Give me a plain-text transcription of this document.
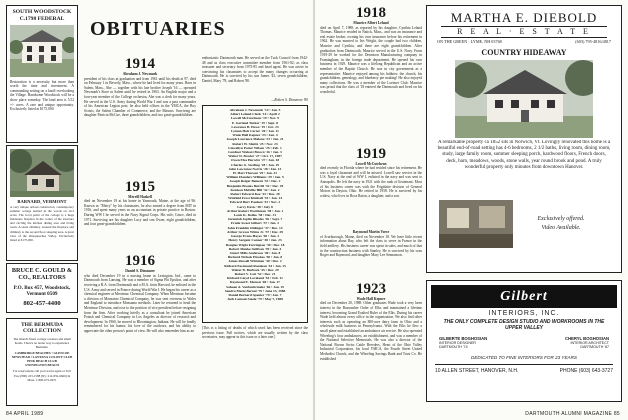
SOUTH WOODSTOCK C.1798 FEDERAL
Restoration is a necessity but more than worth the time and investment. A commanding setting on a knoll overlooking the Village. Handsome Woodstock will be a show place someday. The land area is 5.52 +/- acres. A rare and unique opportunity. Exclusively listed at $175,000.
BARNARD, VERMONT
A very unique artisan constructed, contemporary summer cottage nestled in the woods on 10.3 acres. The focal point of the cottage is a huge fieldstone fireplace in the corner of the structure and circling the kitchen dining area and living room. A stone chimney. Around the fireplace and chimney to the second floor sleeping area. A great view of the Ottaqueechee Valley. Exclusively listed at $175,000.
BRUCE C. GOULD & CO., REALTORS
P.O. Box 457, Woodstock, Vermont 0509
802-457-4400
THE BERMUDA COLLECTION
The island's finest cottage colonies and small hotels. There's no better way to experience Bermuda.
CAMBRIDGE BEACHES • GLENCOE
NEWSTEAD • LANTANA COLONY CLUB
PINK BEACH CLUB
STONINGTON BEACH
For reservations call your travel agent or Toll Free (800) 223-1588 (Ny: 212-832-6660) In Mass. 1-800-672-0971
OBITUARIES
1914
Abraham J. Newmark
president of his class at graduation and from 1961 until his death at 97, died on February 1 in Beverly, Mass., where he had lived for many years. Born in Salem, Mass., Abe — together with his late brother Joseph '16 — operated Newmark's Store in Salem until he retired in 1963. An English major and a four-year member of the College orchestra, Abe was a clerk for many years. He served in the U.S. Army during World War I and was a past commander of his American Legion post; he also held offices in the YMCA, the Boy Scouts, the Salem Chamber of Commerce, and the Masons. Surviving are daughter Patricia McCue, three grandchildren, and two great-grandchildren.
1915
Merrill Haskell
died on November 19 at his home in Yarmouth, Maine, at the age of 96. Known as "Merry" by his classmates, he also earned a degree from MIT in 1916, and spent many years as an accountant in private practice in Boston. During WW I he served in the Navy Signal Corps. His wife, Grace, died in 1971. Surviving are his daughter Lucy and son Owen, eight grandchildren, and four great-grandchildren.
1916
Daniel S. Dinsmore
who died December 19 in a nursing home in Lexington, Ind., came to Dartmouth from Lansing. He was a member of Sigma Phi Epsilon, and after receiving a B.A. from Dartmouth and a M.A. from Harvard, he enlisted in the U.S. Army and served in France during World War I. He began his career as a chemical engineer at Merrimac Chemical Company. When Merrimac became a division of Monsanto Chemical Company, he was sent overseas to Wales and England to introduce Monsanto methods. Later he returned to head the Merrimac Division, and rose to the position of vice president before resigning from the firm. After working briefly as a consultant he joined American Potash and Chemical Company in Los Angeles as director of research and development. In 1960, he moved to Bloomington, Indiana. He will be fondly remembered for his humor, his love of the outdoors, and his ability to appreciate the other person's point of view. He will also remember him as an
enthusiastic Dartmouth man. He served on the Tuck Council from 1942-48 and as class executive committee member from 1961-82; as class treasurer and secretary from 1975-85 and head agent. He was active in convincing his classmates to accept the many changes occurring at Dartmouth. He is survived by his son James '43, seven grandchildren, Daniel, Mary '78, and Robert '80.
—Robert S. Dinsmore '80
Abraham J. Newmark '14 • Jan. 5
Albert Leland Clark '14 • April 2
Lowell McCutcheon '19 • Nov. 9
F. Garland Tucker '19 • Sept. 8
Lawrence B. Howe '19 • Oct. 23
Lyman Holt Carter '20 • Jan. 11
Wade Hall Kepner '23 • Jan. 4
Joseph Lawrence Malone '23 • Jan. 21
Robert W. Shultz '25 • Nov. 23
Llewellyn Potter Wilson '25 • Feb. 1
Gardner Walcott Brown '26 • Jan. 3
Walter D. Bowler '27 • Oct. 17, 1987
Owen Elsa Horwitz '27 • Jan. 18
Charles G. Sterling '28 • Jan. 19
John Lawrence Norris '28 • Jan. 13
H. Hart Thorsen '29 • Jan. 31
William Flanders Williams '29 • Jan. 5
Joseph Reiger Bement '32 • Dec. 2
Benjamin Brooks Burrill '32 • Dec. 29
Kenison Melville Hill '32 • Jan. 2
Robert Edward Kee '33 • Dec. 20
Winfield Frost Kimball '33 • Jan. 14
Edward Burr Paulsen '33 • Nov. 2
Larry Davis '38 • July 8
Arthur Robert Worthman '38 • Jan. 1
Louis K. Dollas '38 • Dec. 31
Jeremiah Joplin Rhodes '36 • Sept. 7
Frank Sweet Gilbert '37 • Jan. 2
John Franklin Oldinger '37 • Dec. 14
Arthur Groves White Jr. '37 • Dec. 29
George Evans Hayes '40 • Jan. 2
Henry Sargent Conner '38 • Jan. 23
Douglas Wight Farrington '39 • Dec. 18
Robert Monke Sullivan '39 • Jan. 4
Stuart Mills Anderson '40 • Jan. 8
Richard Nichols Hawkes '40 • Jan. 8
James Russell Whitman '40 • Dec. 2
Richard Eastmond Rondeau '44 • Jan. 15
Walter B. Burbeck '45 • Dec. 29
Robert V. Coit '52 • Dec. 21
Richard Lloyd Loveland '54 • Feb. 11
Raymond E. Matson '60 • Jan. 17
Sahoan A. Vanbuchrmekz '66 • Jan. 19
Sandra Marie Bernal '79 • June 13, 1988
Daniel Bernard Spanier '79 • Jan. 7
Jack Lamont Steele '79 • May 7, 1988
[This is a listing of deaths of which word has been received since the previous issue. Full notices, which are usually written by the class secretaries, may appear in this issue or a later one.]
84 APRIL 1989
1918
Maurice Albert Leland
died on April 7, 1988, as reported by his daughter, Cynthia Leland Thomas. Maurice resided in Natick, Mass., and was an insurance and real estate broker, owning his own insurance before his retirement in 1962. He was married to Iris Wright, the couple had two children, Maurice and Cynthia, and there are eight grandchildren. After graduation from Dartmouth, Maurice served in the U.S. Navy. From 1919-29 he worked for the Dennison Manufacturing company in Framingham, in the foreign trade department. He opened his own business in 1929. Maurice was a lifelong Republican and an active member of the Baptist Church. He was in city government as a representative. Maurice enjoyed among his hobbies: the church, his grandchildren, genealogy, and blueberry pie making! He also enjoyed many collections. He was a member of the Lorimer Club. Maurice was proud that the class of '18 entered the Dartmouth and lived on his wonderful.
1919
Lowell McCutcheon
died recently in Florida where he had resided since his retirement. He was a loyal classmate and will be missed. Lowell saw service in the U.S. Navy at the end of WW I, enlisted in the navy and was sent to Annapolis. He left the navy in 1921 with the rank of lieutenant. Most of his business career was with the Frigidaire division of General Motors in Dayton, Ohio. He retired in 1958. He is survived by his widow, who lives in Boca Raton, a daughter, and a son.
Raymond Martin Vorce
of Scarborough, Maine, died on November 18. We have little recent information about Ray, who left the class to serve in France in the field artillery. His business career was spent in sales, and much of that in the construction business with Stanley. He is survived by his sons Roger and Raymond, and daughter Mary Lee Sennanson.
1923
Wade Hall Kepner
died on December 20, 1988. Other graduates Wade took a very keen interest in the Bassomber Order of Elks and maintained a lifetime interest, becoming Grand Exalted Ruler of the Elks. During his career Wade held almost every office in the organization. We also find other interests such as operating an 800-acre dairy farm in Ohio and a wholesale milk business in Pennsylvania. With the Elks he flew a small plane and established an ambulance air service. He also operated Wheeling's four ambulances, an establishment, and was a member of the National Selective Memorials. He was also a director of the National Brown Swiss Cattle Breeders, Heart of the Ohio Valley Industrial Corporation, his local YMCA, the Fourth Street United Methodist Church, and the Wheeling Savings Bank and Trust Co. He established
MARTHA E. DIEBOLD
R E A L · E S T A T E
ON THE GREEN · LYME, NH 03768	(603) 795-4816/4817
COUNTRY HIDEAWAY
A remarkable property ca 1852 sits in Norwich, Vt. Lovingly renovated this home is a beautiful end-of-road setting has 4-6 bedrooms, 2 1/2 baths, living room, dining room, study, large family room, summer sleeping porch, hardwood floors, French doors, deck, barn, meadows, woods, stone walls, year round brook and pond. A truly wonderful property only minutes from downtown Hanover.
Exclusively offered.
Video Available.
Gilbert
INTERIORS, INC.
THE ONLY COMPLETE DESIGN STUDIO AND WORKROOMS IN THE UPPER VALLEY
GILBERTE BOGHOSIAN
INTERIOR DESIGNER DARTMOUTH '74
CHERYL BOGHOSIAN
INTERIOR ARCHITECT DARTMOUTH '87
DEDICATED TO FINE INTERIORS FOR 23 YEARS
10 ALLEN STREET, HANOVER, N.H.	PHONE (603) 643-3727
DARTMOUTH ALUMNI MAGAZINE 85
